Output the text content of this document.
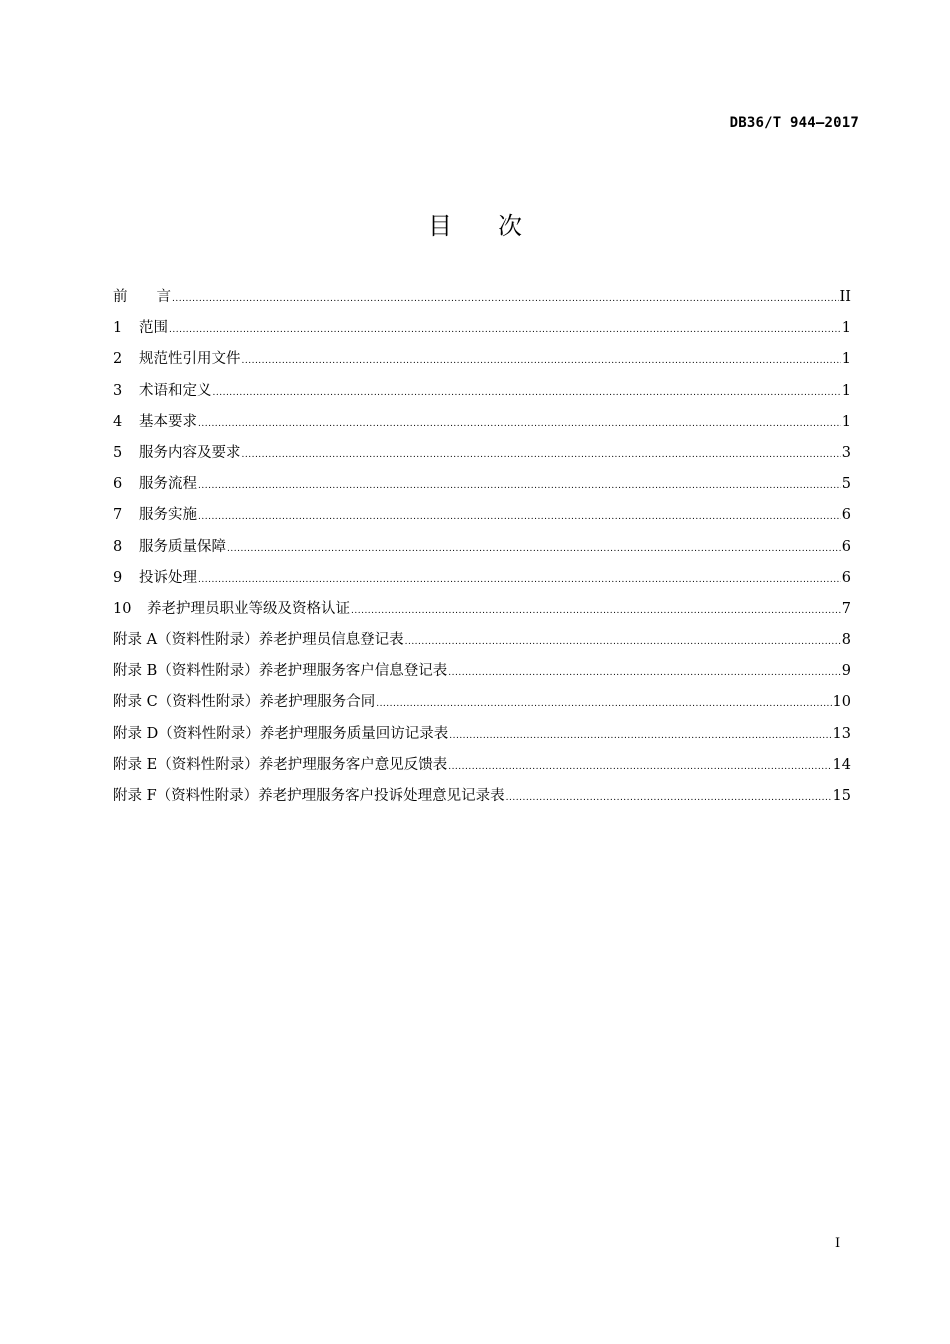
DB36/T 944—2017
目次
前　　言 .....	II
1	范围 .....	1
2	规范性引用文件 .....	1
3	术语和定义 .....	1
4	基本要求 .....	1
5	服务内容及要求 .....	3
6	服务流程 .....	5
7	服务实施 .....	6
8	服务质量保障 .....	6
9	投诉处理 .....	6
10	养老护理员职业等级及资格认证 .....	7
附录 A（资料性附录）养老护理员信息登记表 .....	8
附录 B（资料性附录）养老护理服务客户信息登记表 .....	9
附录 C（资料性附录）养老护理服务合同 .....	10
附录 D（资料性附录）养老护理服务质量回访记录表 .....	13
附录 E（资料性附录）养老护理服务客户意见反馈表 .....	14
附录 F（资料性附录）养老护理服务客户投诉处理意见记录表 .....	15
I
